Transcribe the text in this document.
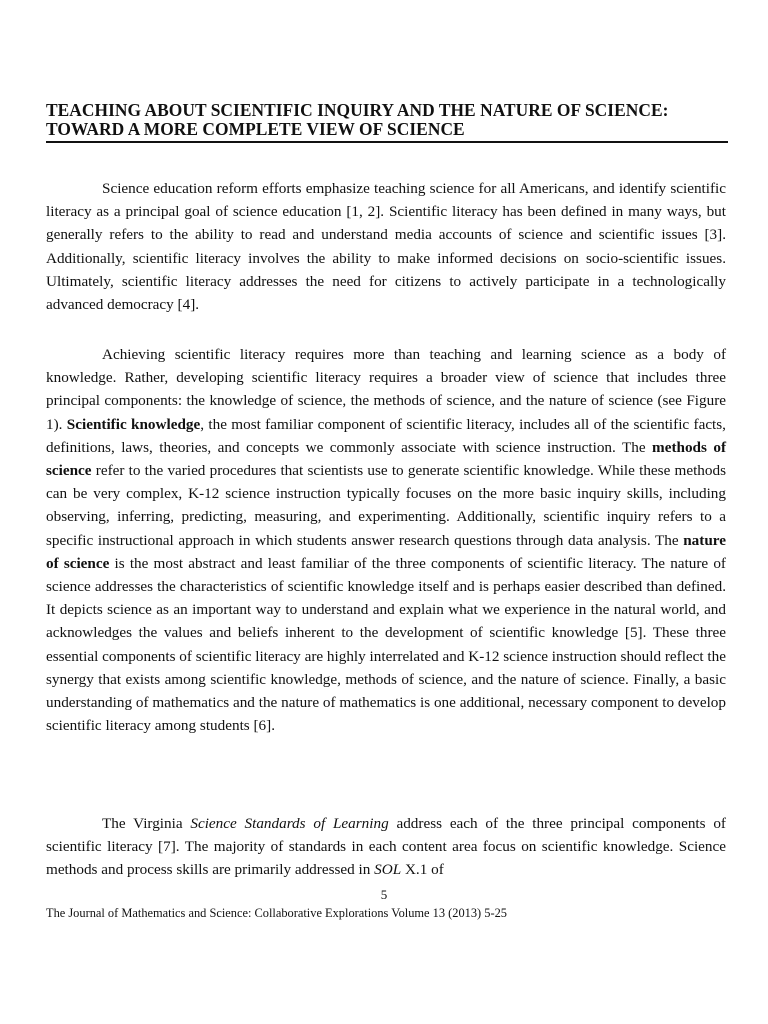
TEACHING ABOUT SCIENTIFIC INQUIRY AND THE NATURE OF SCIENCE:
TOWARD A MORE COMPLETE VIEW OF SCIENCE

Science education reform efforts emphasize teaching science for all Americans, and identify scientific literacy as a principal goal of science education [1, 2]. Scientific literacy has been defined in many ways, but generally refers to the ability to read and understand media accounts of science and scientific issues [3]. Additionally, scientific literacy involves the ability to make informed decisions on socio-scientific issues. Ultimately, scientific literacy addresses the need for citizens to actively participate in a technologically advanced democracy [4].

Achieving scientific literacy requires more than teaching and learning science as a body of knowledge. Rather, developing scientific literacy requires a broader view of science that includes three principal components: the knowledge of science, the methods of science, and the nature of science (see Figure 1). Scientific knowledge, the most familiar component of scientific literacy, includes all of the scientific facts, definitions, laws, theories, and concepts we commonly associate with science instruction. The methods of science refer to the varied procedures that scientists use to generate scientific knowledge. While these methods can be very complex, K-12 science instruction typically focuses on the more basic inquiry skills, including observing, inferring, predicting, measuring, and experimenting. Additionally, scientific inquiry refers to a specific instructional approach in which students answer research questions through data analysis. The nature of science is the most abstract and least familiar of the three components of scientific literacy. The nature of science addresses the characteristics of scientific knowledge itself and is perhaps easier described than defined. It depicts science as an important way to understand and explain what we experience in the natural world, and acknowledges the values and beliefs inherent to the development of scientific knowledge [5]. These three essential components of scientific literacy are highly interrelated and K-12 science instruction should reflect the synergy that exists among scientific knowledge, methods of science, and the nature of science. Finally, a basic understanding of mathematics and the nature of mathematics is one additional, necessary component to develop scientific literacy among students [6].

The Virginia Science Standards of Learning address each of the three principal components of scientific literacy [7]. The majority of standards in each content area focus on scientific knowledge. Science methods and process skills are primarily addressed in SOL X.1 of

5
The Journal of Mathematics and Science: Collaborative Explorations Volume 13 (2013) 5-25
